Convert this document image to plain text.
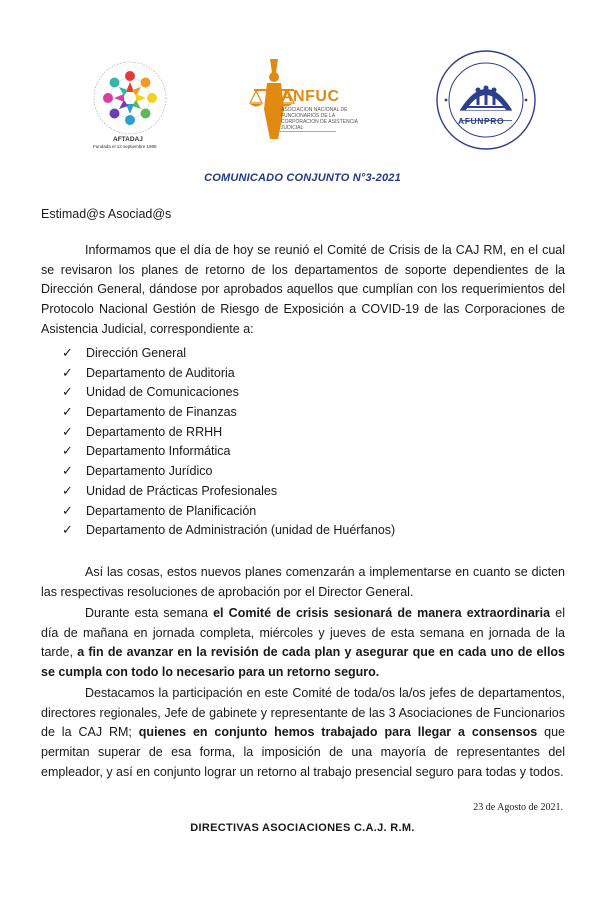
AFTADAJ
Fundada el 12 septiembre 1985
ANFUC
ASOCIACION NACIONAL DE FUNCIONARIOS DE LA CORPORACION DE ASISTENCIA JUDICIAL
AFUNPRO
COMUNICADO CONJUNTO N°3-2021
Estimad@s Asociad@s
Informamos que el día de hoy se reunió el Comité de Crisis de la CAJ RM, en el cual se revisaron los planes de retorno de los departamentos de soporte dependientes de la Dirección General, dándose por aprobados aquellos que cumplían con los requerimientos del Protocolo Nacional Gestión de Riesgo de Exposición a COVID-19 de las Corporaciones de Asistencia Judicial, correspondiente a:
✓	Dirección General
✓	Departamento de Auditoria
✓	Unidad de Comunicaciones
✓	Departamento de Finanzas
✓	Departamento de RRHH
✓	Departamento Informática
✓	Departamento Jurídico
✓	Unidad de Prácticas Profesionales
✓	Departamento de Planificación
✓	Departamento de Administración (unidad de Huérfanos)
Así las cosas, estos nuevos planes comenzarán a implementarse en cuanto se dicten las respectivas resoluciones de aprobación por el Director General.
Durante esta semana el Comité de crisis sesionará de manera extraordinaria el día de mañana en jornada completa, miércoles y jueves de esta semana en jornada de la tarde, a fin de avanzar en la revisión de cada plan y asegurar que en cada uno de ellos se cumpla con todo lo necesario para un retorno seguro.
Destacamos la participación en este Comité de toda/os la/os jefes de departamentos, directores regionales, Jefe de gabinete y representante de las 3 Asociaciones de Funcionarios de la CAJ RM; quienes en conjunto hemos trabajado para llegar a consensos que permitan superar de esa forma, la imposición de una mayoría de representantes del empleador, y así en conjunto lograr un retorno al trabajo presencial seguro para todas y todos.
23 de Agosto de 2021.
DIRECTIVAS ASOCIACIONES C.A.J. R.M.
